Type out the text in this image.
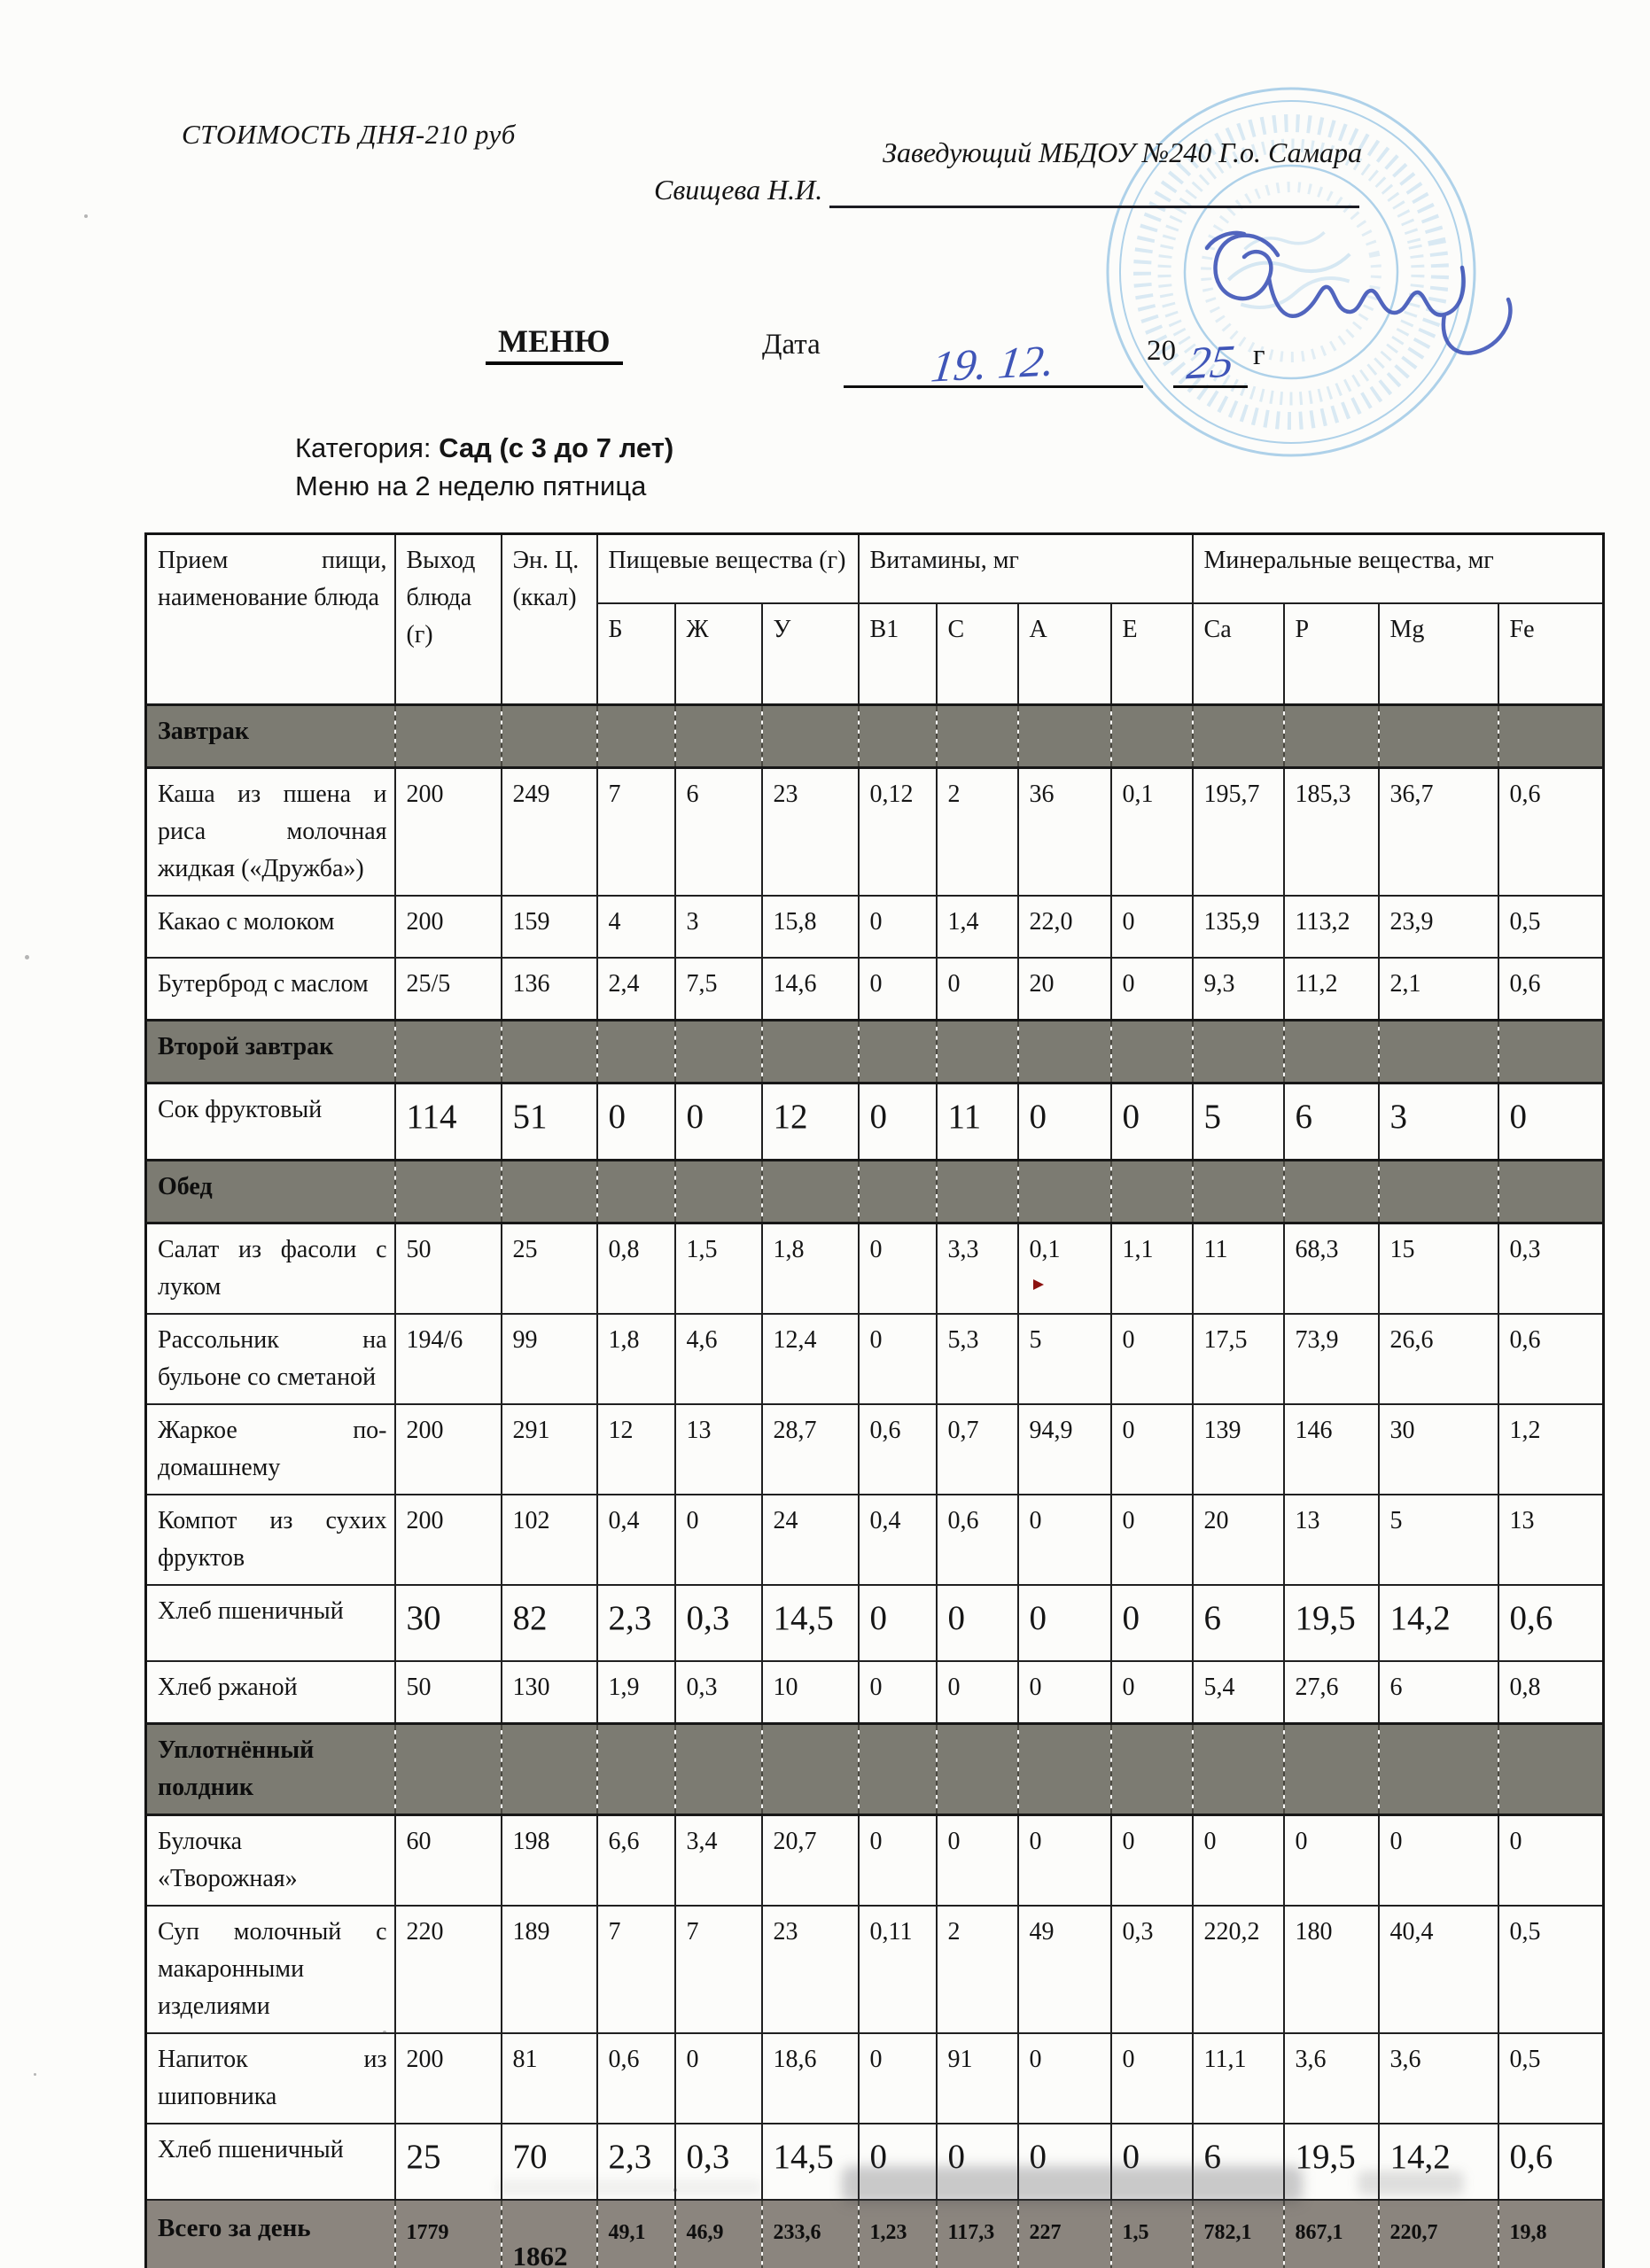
СТОИМОСТЬ ДНЯ-210 руб
Заведующий МБДОУ №240 Г.о. Самара
Свищева Н.И.
МЕНЮ	Дата	19. 12.	20 25 г
Категория: Сад (с 3 до 7 лет)
Меню на 2 неделю пятница
Прием пищи, наименование блюда	Выход блюда (г)	Эн. Ц. (ккал)	Пищевые вещества (г)			Витамины, мг				Минеральные вещества, мг			
			Б	Ж	У	В1	С	А	Е	Са	Р	Mg	Fe
Завтрак													
Каша из пшена и риса молочная жидкая («Дружба»)	200	249	7	6	23	0,12	2	36	0,1	195,7	185,3	36,7	0,6
Какао с молоком	200	159	4	3	15,8	0	1,4	22,0	0	135,9	113,2	23,9	0,5
Бутерброд с маслом	25/5	136	2,4	7,5	14,6	0	0	20	0	9,3	11,2	2,1	0,6
Второй завтрак													
Сок фруктовый	114	51	0	0	12	0	11	0	0	5	6	3	0
Обед													
Салат из фасоли с луком	50	25	0,8	1,5	1,8	0	3,3	0,1	1,1	11	68,3	15	0,3
Рассольник на бульоне со сметаной	194/6	99	1,8	4,6	12,4	0	5,3	5	0	17,5	73,9	26,6	0,6
Жаркое по-домашнему	200	291	12	13	28,7	0,6	0,7	94,9	0	139	146	30	1,2
Компот из сухих фруктов	200	102	0,4	0	24	0,4	0,6	0	0	20	13	5	13
Хлеб пшеничный	30	82	2,3	0,3	14,5	0	0	0	0	6	19,5	14,2	0,6
Хлеб ржаной	50	130	1,9	0,3	10	0	0	0	0	5,4	27,6	6	0,8
Уплотнённый полдник													
Булочка «Творожная»	60	198	6,6	3,4	20,7	0	0	0	0	0	0	0	0
Суп молочный с макаронными изделиями	220	189	7	7	23	0,11	2	49	0,3	220,2	180	40,4	0,5
Напиток из шиповника	200	81	0,6	0	18,6	0	91	0	0	11,1	3,6	3,6	0,5
Хлеб пшеничный	25	70	2,3	0,3	14,5	0	0	0	0	6	19,5	14,2	0,6
Всего за день	1779	1862	49,1	46,9	233,6	1,23	117,3	227	1,5	782,1	867,1	220,7	19,8
